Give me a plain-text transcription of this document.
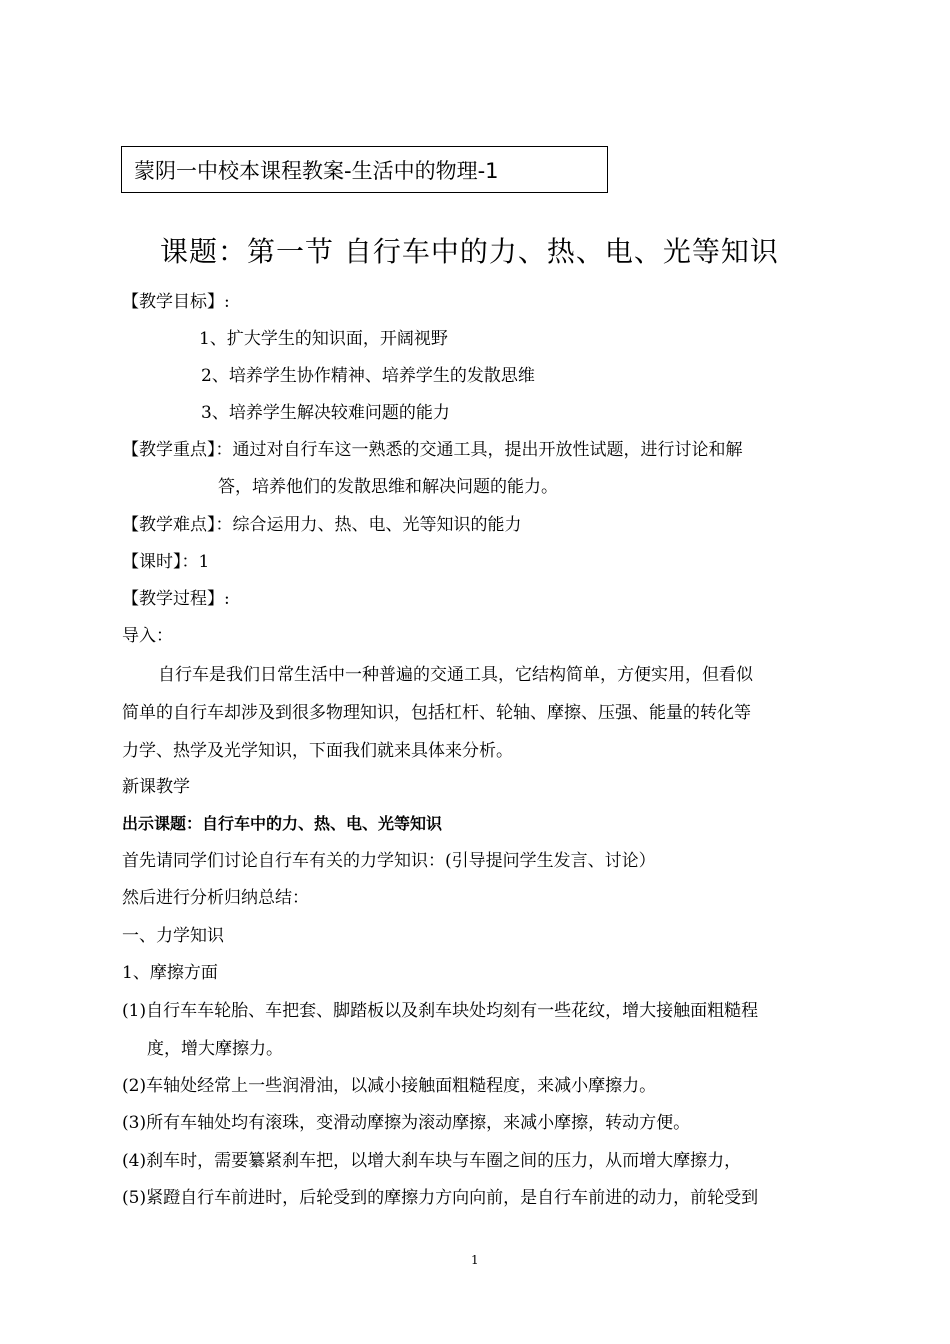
蒙阴一中校本课程教案-生活中的物理-1
课题：第一节 自行车中的力、热、电、光等知识
【教学目标】:
1、扩大学生的知识面，开阔视野
2、培养学生协作精神、培养学生的发散思维
3、培养学生解决较难问题的能力
【教学重点】：通过对自行车这一熟悉的交通工具，提出开放性试题，进行讨论和解
答，培养他们的发散思维和解决问题的能力。
【教学难点】：综合运用力、热、电、光等知识的能力
【课时】：1
【教学过程】:
导入：
自行车是我们日常生活中一种普遍的交通工具，它结构简单，方便实用，但看似
简单的自行车却涉及到很多物理知识，包括杠杆、轮轴、摩擦、压强、能量的转化等
力学、热学及光学知识，下面我们就来具体来分析。
新课教学
出示课题：自行车中的力、热、电、光等知识
首先请同学们讨论自行车有关的力学知识：(引导提问学生发言、讨论）
然后进行分析归纳总结：
一、力学知识
1、摩擦方面
(1)自行车车轮胎、车把套、脚踏板以及刹车块处均刻有一些花纹，增大接触面粗糙程
度，增大摩擦力。
(2)车轴处经常上一些润滑油，以减小接触面粗糙程度，来减小摩擦力。
(3)所有车轴处均有滚珠，变滑动摩擦为滚动摩擦，来减小摩擦，转动方便。
(4)刹车时，需要纂紧刹车把，以增大刹车块与车圈之间的压力，从而增大摩擦力，
(5)紧蹬自行车前进时，后轮受到的摩擦力方向向前，是自行车前进的动力，前轮受到
1
